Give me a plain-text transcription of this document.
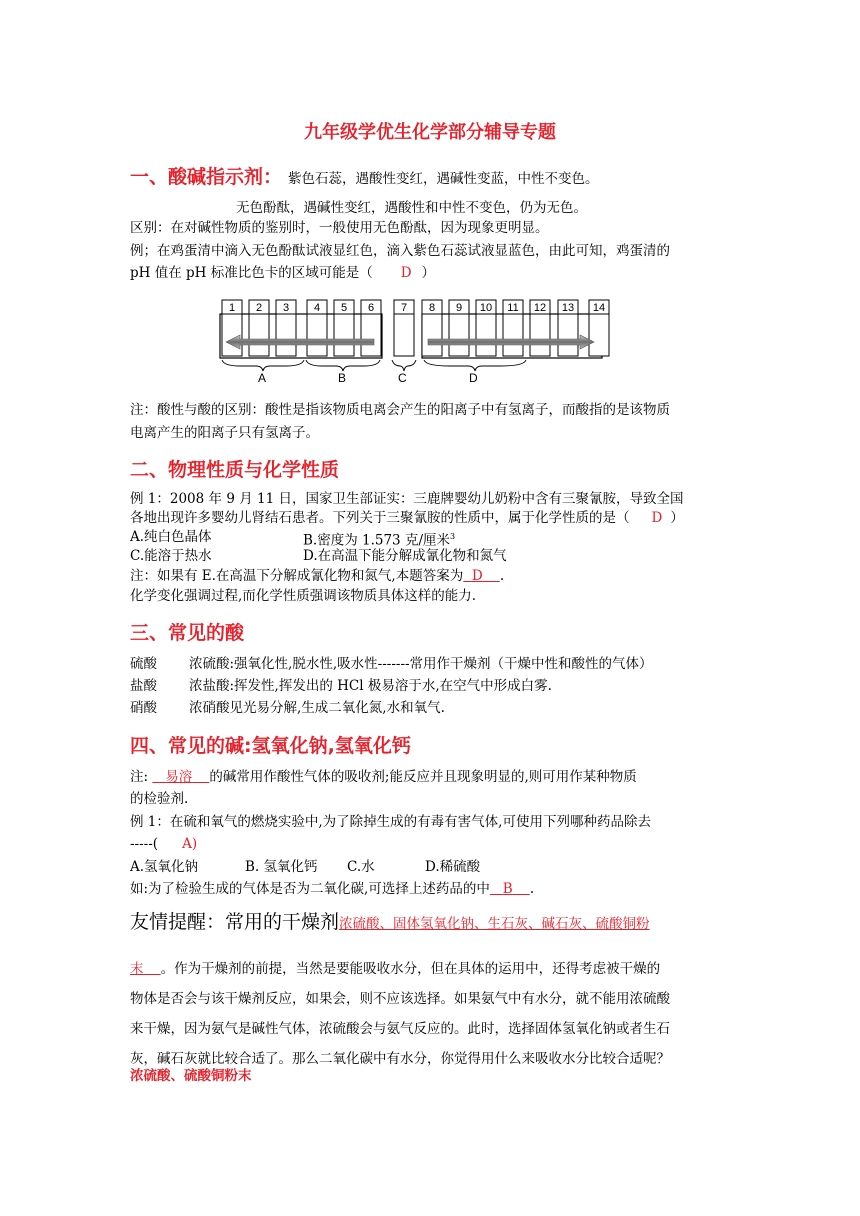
九年级学优生化学部分辅导专题
一、酸碱指示剂： 紫色石蕊，遇酸性变红，遇碱性变蓝，中性不变色。
无色酚酞，遇碱性变红，遇酸性和中性不变色，仍为无色。
区别：在对碱性物质的鉴别时，一般使用无色酚酞，因为现象更明显。
例；在鸡蛋清中滴入无色酚酞试液显红色，滴入紫色石蕊试液显蓝色，由此可知，鸡蛋清的
pH 值在 pH 标准比色卡的区域可能是（ D ）
1 2 3 4 5 6 7 8 9 10 11 12 13 14
A	B	C	D
注：酸性与酸的区别：酸性是指该物质电离会产生的阳离子中有氢离子，而酸指的是该物质
电离产生的阳离子只有氢离子。
二、物理性质与化学性质
例 1：2008 年 9 月 11 日，国家卫生部证实：三鹿牌婴幼儿奶粉中含有三聚氰胺，导致全国
各地出现许多婴幼儿肾结石患者。下列关于三聚氰胺的性质中，属于化学性质的是（ D ）
A.纯白色晶体	B.密度为 1.573 克/厘米$^3$
C.能溶于热水	D.在高温下能分解成氰化物和氮气
注：如果有 E.在高温下分解成氰化物和氮气,本题答案为 D .
化学变化强调过程,而化学性质强调该物质具体这样的能力.
三、常见的酸
硫酸 浓硫酸:强氧化性,脱水性,吸水性-------常用作干燥剂（干燥中性和酸性的气体）
盐酸 浓盐酸:挥发性,挥发出的 HCl 极易溶于水,在空气中形成白雾.
硝酸 浓硝酸见光易分解,生成二氧化氮,水和氧气.
四、常见的碱:氢氧化钠,氢氧化钙
注:    易溶 的碱常用作酸性气体的吸收剂;能反应并且现象明显的,则可用作某种物质
的检验剂.
例 1：在硫和氧气的燃烧实验中,为了除掉生成的有毒有害气体,可使用下列哪种药品除去
-----( A)
A.氢氧化钠	B. 氢氧化钙 C.水	D.稀硫酸
如:为了检验生成的气体是否为二氧化碳,可选择上述药品的中 B .
友情提醒：常用的干燥剂浓硫酸、固体氢氧化钠、生石灰、碱石灰、硫酸铜粉
末 。作为干燥剂的前提，当然是要能吸收水分，但在具体的运用中，还得考虑被干燥的
物体是否会与该干燥剂反应，如果会，则不应该选择。如果氨气中有水分，就不能用浓硫酸
来干燥，因为氨气是碱性气体，浓硫酸会与氨气反应的。此时，选择固体氢氧化钠或者生石
灰，碱石灰就比较合适了。那么二氧化碳中有水分，你觉得用什么来吸收水分比较合适呢？
浓硫酸、硫酸铜粉末
